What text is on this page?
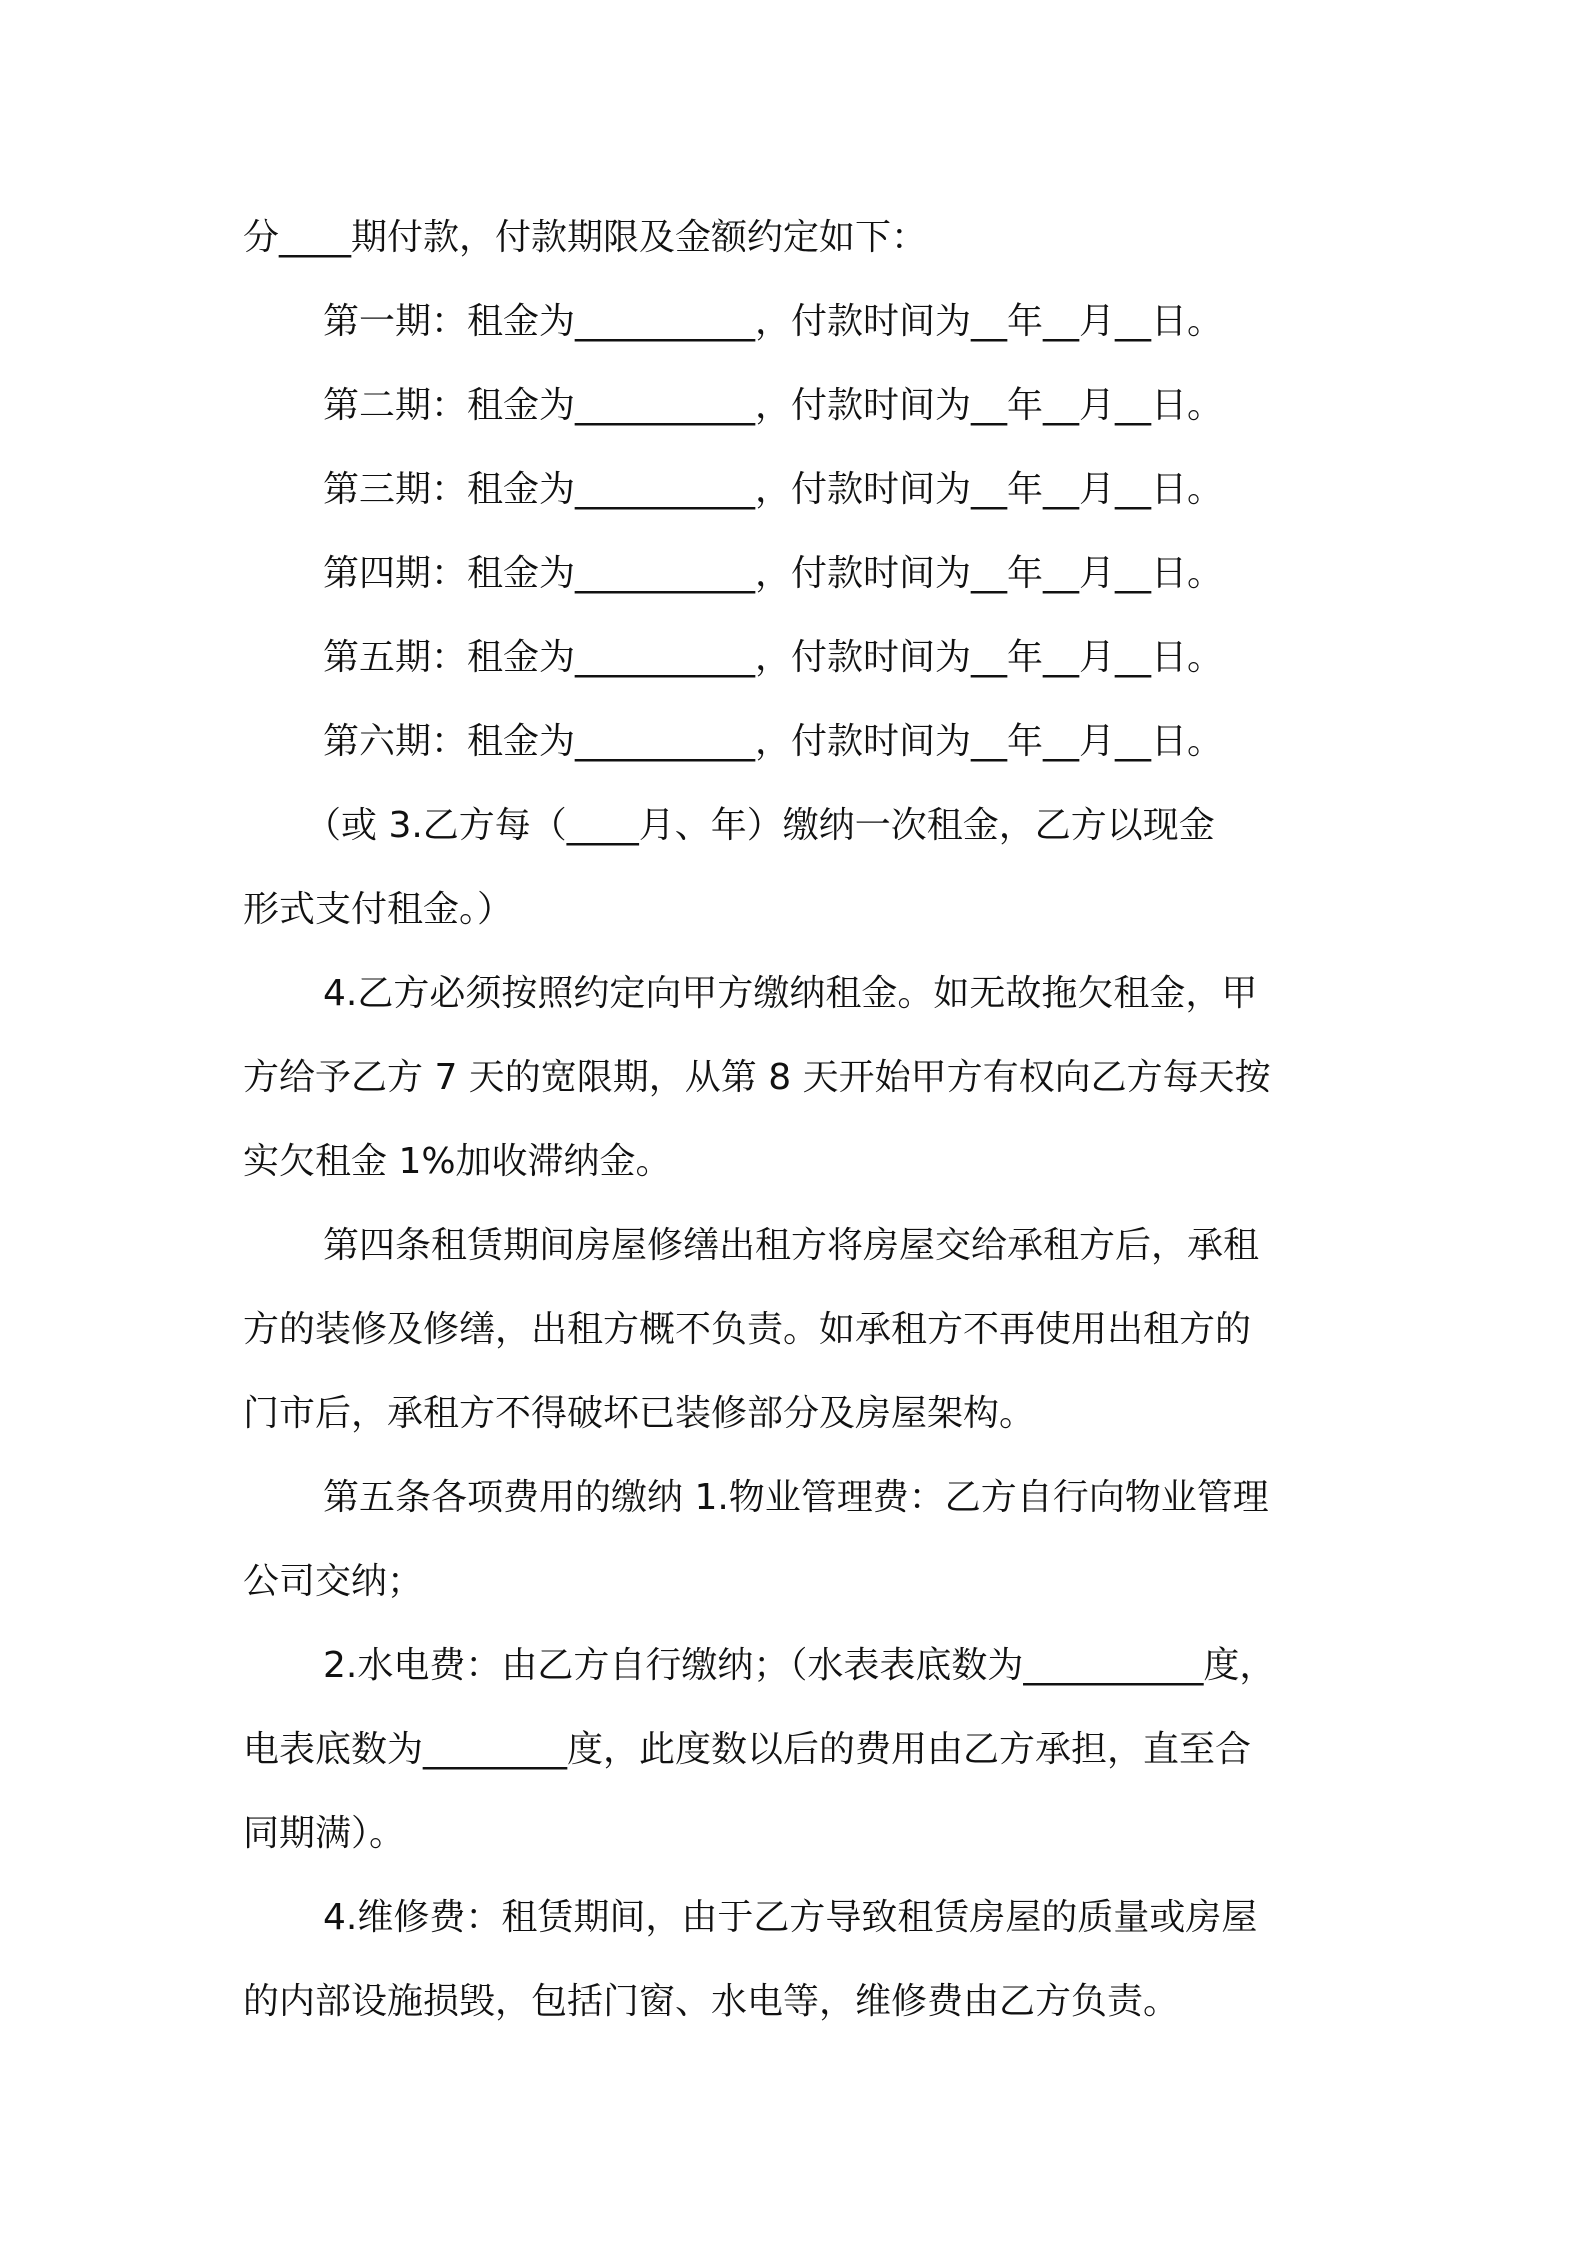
分____期付款，付款期限及金额约定如下：
第一期：租金为__________，付款时间为__年__月__日。
第二期：租金为__________，付款时间为__年__月__日。
第三期：租金为__________，付款时间为__年__月__日。
第四期：租金为__________，付款时间为__年__月__日。
第五期：租金为__________，付款时间为__年__月__日。
第六期：租金为__________，付款时间为__年__月__日。
（或 3.乙方每（____月、年）缴纳一次租金，乙方以现金
形式支付租金。）
4.乙方必须按照约定向甲方缴纳租金。如无故拖欠租金，甲
方给予乙方 7 天的宽限期，从第 8 天开始甲方有权向乙方每天按
实欠租金 1%加收滞纳金。
第四条租赁期间房屋修缮出租方将房屋交给承租方后，承租
方的装修及修缮，出租方概不负责。如承租方不再使用出租方的
门市后，承租方不得破坏已装修部分及房屋架构。
第五条各项费用的缴纳 1.物业管理费：乙方自行向物业管理
公司交纳；
2.水电费：由乙方自行缴纳；（水表表底数为__________度，
电表底数为________度，此度数以后的费用由乙方承担，直至合
同期满）。
4.维修费：租赁期间，由于乙方导致租赁房屋的质量或房屋
的内部设施损毁，包括门窗、水电等，维修费由乙方负责。
